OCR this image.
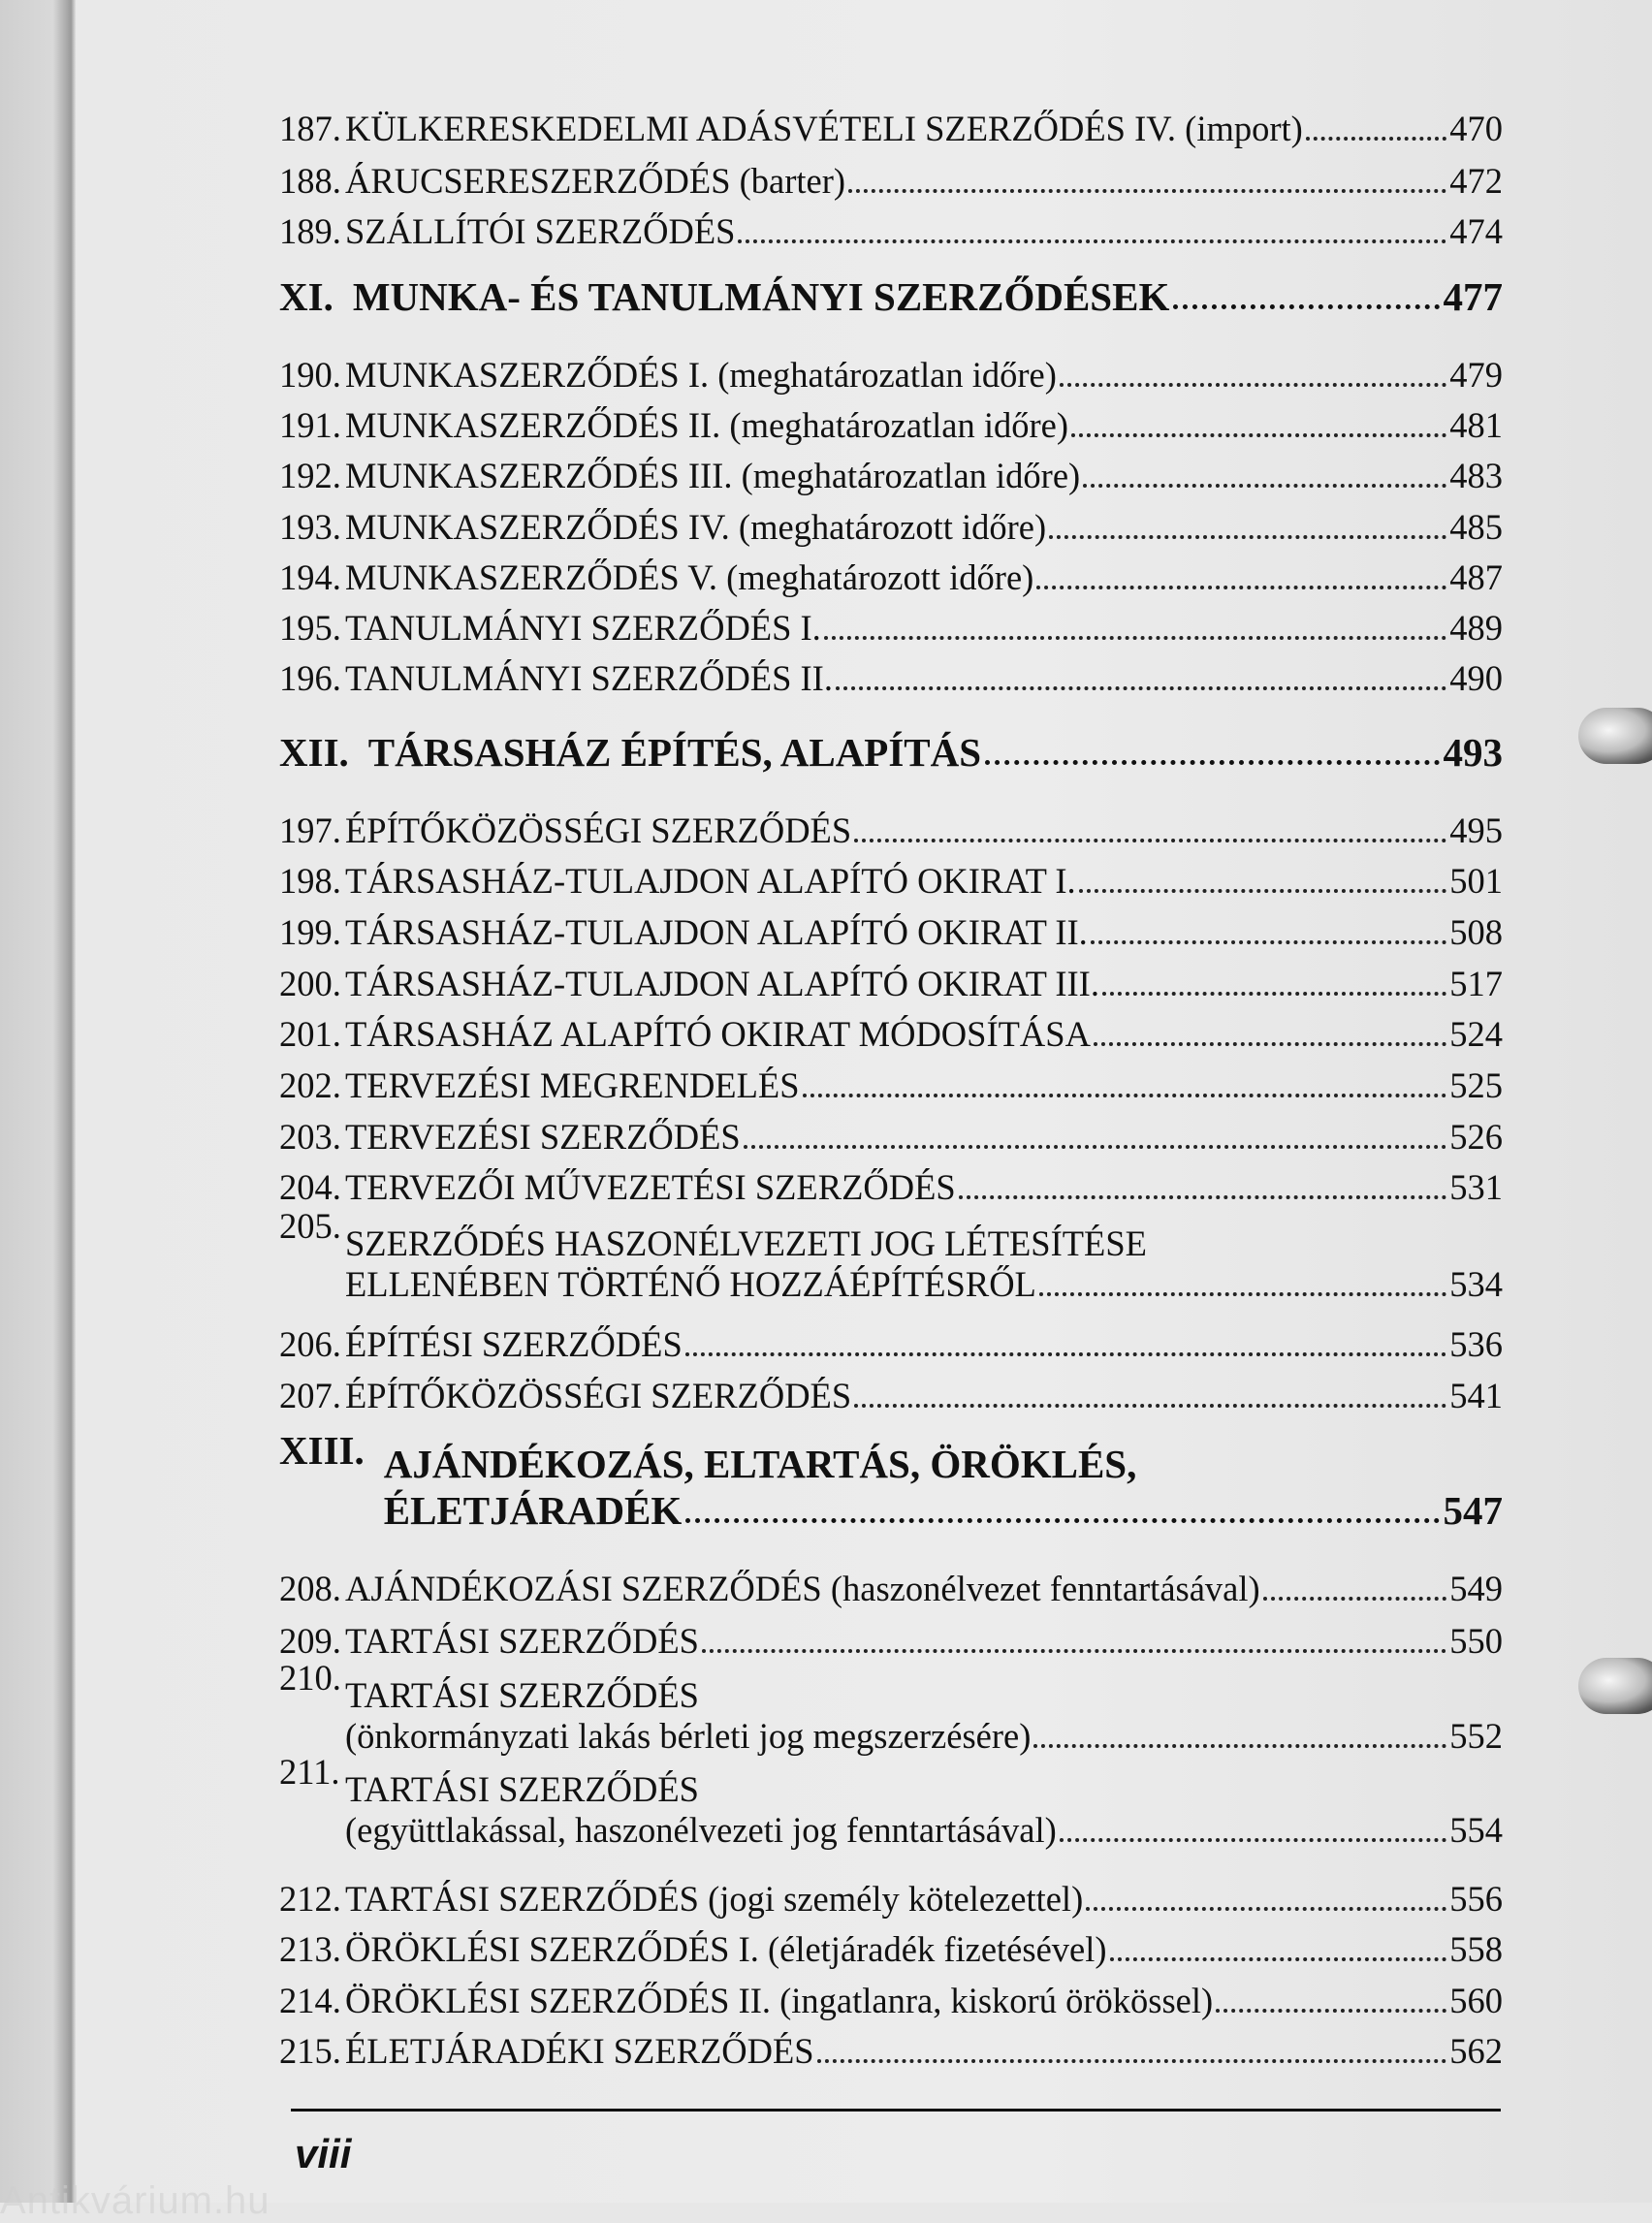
187. KÜLKERESKEDELMI ADÁSVÉTELI SZERZŐDÉS IV. (import)	470
188. ÁRUCSERESZERZŐDÉS (barter)	472
189. SZÁLLÍTÓI SZERZŐDÉS	474
XI. MUNKA- ÉS TANULMÁNYI SZERZŐDÉSEK	477
190. MUNKASZERZŐDÉS I. (meghatározatlan időre)	479
191. MUNKASZERZŐDÉS II. (meghatározatlan időre)	481
192. MUNKASZERZŐDÉS III. (meghatározatlan időre)	483
193. MUNKASZERZŐDÉS IV. (meghatározott időre)	485
194. MUNKASZERZŐDÉS V. (meghatározott időre)	487
195. TANULMÁNYI SZERZŐDÉS I.	489
196. TANULMÁNYI SZERZŐDÉS II.	490
XII. TÁRSASHÁZ ÉPÍTÉS, ALAPÍTÁS	493
197. ÉPÍTŐKÖZÖSSÉGI SZERZŐDÉS	495
198. TÁRSASHÁZ-TULAJDON ALAPÍTÓ OKIRAT I.	501
199. TÁRSASHÁZ-TULAJDON ALAPÍTÓ OKIRAT II.	508
200. TÁRSASHÁZ-TULAJDON ALAPÍTÓ OKIRAT III.	517
201. TÁRSASHÁZ ALAPÍTÓ OKIRAT MÓDOSÍTÁSA	524
202. TERVEZÉSI MEGRENDELÉS	525
203. TERVEZÉSI SZERZŐDÉS	526
204. TERVEZŐI MŰVEZETÉSI SZERZŐDÉS	531
205. SZERZŐDÉS HASZONÉLVEZETI JOG LÉTESÍTÉSE
ELLENÉBEN TÖRTÉNŐ HOZZÁÉPÍTÉSRŐL	534
206. ÉPÍTÉSI SZERZŐDÉS	536
207. ÉPÍTŐKÖZÖSSÉGI SZERZŐDÉS	541
XIII. AJÁNDÉKOZÁS, ELTARTÁS, ÖRÖKLÉS,
ÉLETJÁRADÉK	547
208. AJÁNDÉKOZÁSI SZERZŐDÉS (haszonélvezet fenntartásával)	549
209. TARTÁSI SZERZŐDÉS	550
210. TARTÁSI SZERZŐDÉS
(önkormányzati lakás bérleti jog megszerzésére)	552
211. TARTÁSI SZERZŐDÉS
(együttlakással, haszonélvezeti jog fenntartásával)	554
212. TARTÁSI SZERZŐDÉS (jogi személy kötelezettel)	556
213. ÖRÖKLÉSI SZERZŐDÉS I. (életjáradék fizetésével)	558
214. ÖRÖKLÉSI SZERZŐDÉS II. (ingatlanra, kiskorú örökössel)	560
215. ÉLETJÁRADÉKI SZERZŐDÉS	562
viii
Antikvárium.hu
